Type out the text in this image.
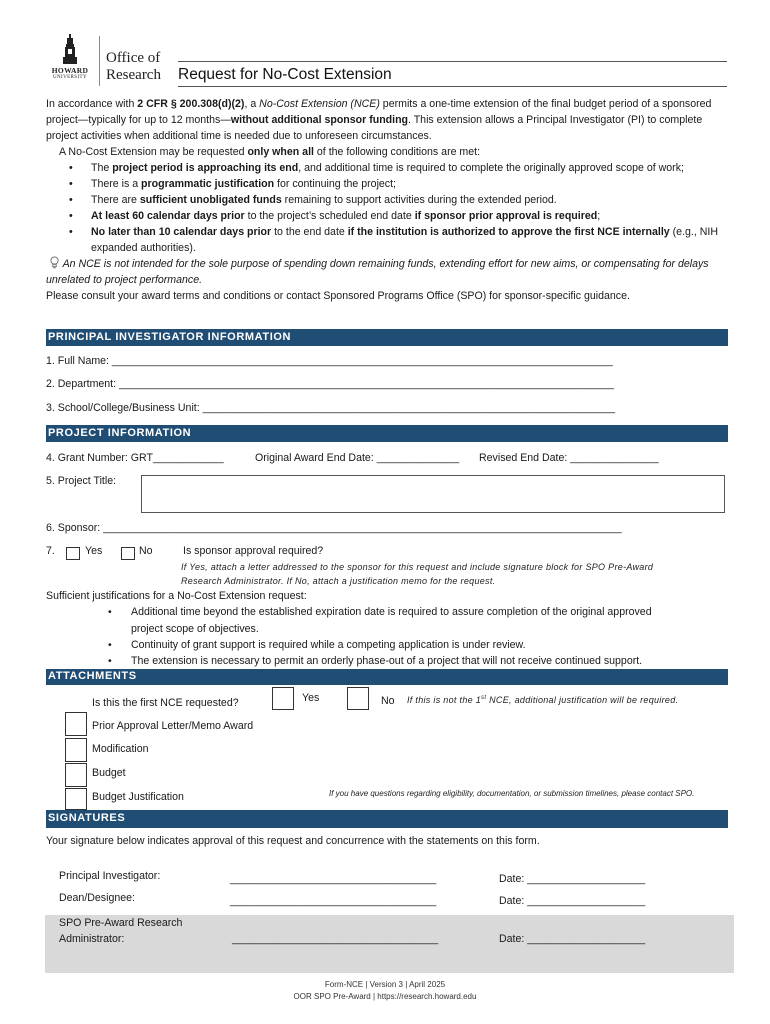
HOWARD
UNIVERSITY
Office of
Research Request for No-Cost Extension

In accordance with 2 CFR § 200.308(d)(2), a No-Cost Extension (NCE) permits a one-time extension of the final budget period of a sponsored project—typically for up to 12 months—without additional sponsor funding. This extension allows a Principal Investigator (PI) to complete project activities when additional time is needed due to unforeseen circumstances.

A No-Cost Extension may be requested only when all of the following conditions are met:

• The project period is approaching its end, and additional time is required to complete the originally approved scope of work;
• There is a programmatic justification for continuing the project;
• There are sufficient unobligated funds remaining to support activities during the extended period.
• At least 60 calendar days prior to the project’s scheduled end date if sponsor prior approval is required;
• No later than 10 calendar days prior to the end date if the institution is authorized to approve the first NCE internally (e.g., NIH expanded authorities).

An NCE is not intended for the sole purpose of spending down remaining funds, extending effort for new aims, or compensating for delays unrelated to project performance.

Please consult your award terms and conditions or contact Sponsored Programs Office (SPO) for sponsor-specific guidance.

PRINCIPAL INVESTIGATOR INFORMATION
1. Full Name: _____________________________________________________________________________________
2. Department: ____________________________________________________________________________________
3. School/College/Business Unit: ______________________________________________________________________
PROJECT INFORMATION
4. Grant Number: GRT____________	Original Award End Date: ______________ Revised End Date: _______________
5. Project Title:
6. Sponsor: ________________________________________________________________________________________
7.	Yes	No	Is sponsor approval required?
If Yes, attach a letter addressed to the sponsor for this request and include signature block for SPO Pre-Award
Research Administrator. If No, attach a justification memo for the request.
Sufficient justifications for a No-Cost Extension request:
• Additional time beyond the established expiration date is required to assure completion of the original approved
project scope of objectives.
• Continuity of grant support is required while a competing application is under review.
• The extension is necessary to permit an orderly phase-out of a project that will not receive continued support.
ATTACHMENTS
Is this the first NCE requested?	Yes	No If this is not the 1st NCE, additional justification will be required.
Prior Approval Letter/Memo Award
Modification
Budget
Budget Justification	If you have questions regarding eligibility, documentation, or submission timelines, please contact SPO.
SIGNATURES
Your signature below indicates approval of this request and concurrence with the statements on this form.
Principal Investigator:	___________________________________	Date: ____________________
Dean/Designee:	___________________________________	Date: ____________________
SPO Pre-Award Research
Administrator:	___________________________________	Date: ____________________
Form-NCE | Version 3 | April 2025
OOR SPO Pre-Award | https://research.howard.edu
